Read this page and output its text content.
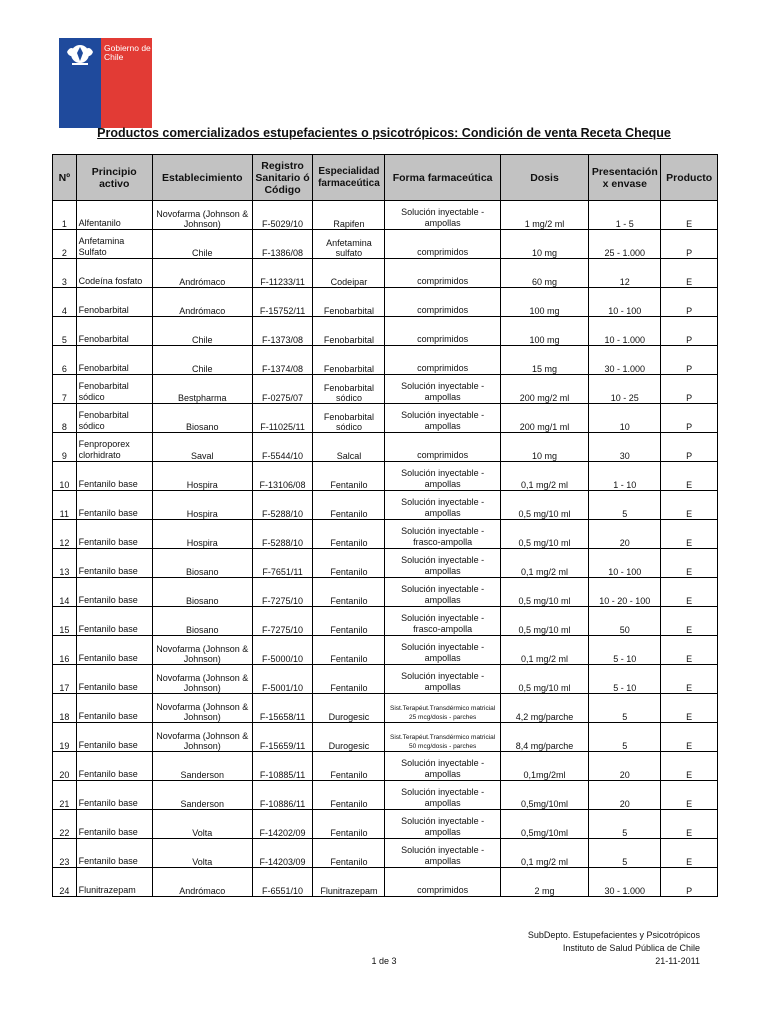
Gobierno de Chile
Productos comercializados estupefacientes o psicotrópicos: Condición de venta Receta Cheque
Nº	Principio activo	Establecimiento	Registro Sanitario ó Código	Especialidad farmaceútica	Forma farmaceútica	Dosis	Presentación x envase	Producto
1	Alfentanilo	Novofarma (Johnson & Johnson)	F-5029/10	Rapifen	Solución inyectable - ampollas	1 mg/2 ml	1 - 5	E
2	Anfetamina Sulfato	Chile	F-1386/08	Anfetamina sulfato	comprimidos	10 mg	25 - 1.000	P
3	Codeína fosfato	Andrómaco	F-11233/11	Codeipar	comprimidos	60 mg	12	E
4	Fenobarbital	Andrómaco	F-15752/11	Fenobarbital	comprimidos	100 mg	10 - 100	P
5	Fenobarbital	Chile	F-1373/08	Fenobarbital	comprimidos	100 mg	10 - 1.000	P
6	Fenobarbital	Chile	F-1374/08	Fenobarbital	comprimidos	15 mg	30 - 1.000	P
7	Fenobarbital sódico	Bestpharma	F-0275/07	Fenobarbital sódico	Solución inyectable - ampollas	200 mg/2 ml	10 - 25	P
8	Fenobarbital sódico	Biosano	F-11025/11	Fenobarbital sódico	Solución inyectable - ampollas	200 mg/1 ml	10	P
9	Fenproporex clorhidrato	Saval	F-5544/10	Salcal	comprimidos	10 mg	30	P
10	Fentanilo base	Hospira	F-13106/08	Fentanilo	Solución inyectable - ampollas	0,1 mg/2 ml	1 - 10	E
11	Fentanilo base	Hospira	F-5288/10	Fentanilo	Solución inyectable - ampollas	0,5 mg/10 ml	5	E
12	Fentanilo base	Hospira	F-5288/10	Fentanilo	Solución inyectable - frasco-ampolla	0,5 mg/10 ml	20	E
13	Fentanilo base	Biosano	F-7651/11	Fentanilo	Solución inyectable - ampollas	0,1 mg/2 ml	10 - 100	E
14	Fentanilo base	Biosano	F-7275/10	Fentanilo	Solución inyectable - ampollas	0,5 mg/10 ml	10 - 20 - 100	E
15	Fentanilo base	Biosano	F-7275/10	Fentanilo	Solución inyectable - frasco-ampolla	0,5 mg/10 ml	50	E
16	Fentanilo base	Novofarma (Johnson & Johnson)	F-5000/10	Fentanilo	Solución inyectable - ampollas	0,1 mg/2 ml	5 - 10	E
17	Fentanilo base	Novofarma (Johnson & Johnson)	F-5001/10	Fentanilo	Solución inyectable - ampollas	0,5 mg/10 ml	5 - 10	E
18	Fentanilo base	Novofarma (Johnson & Johnson)	F-15658/11	Durogesic	Sist.Terapéut.Transdérmico matricial 25 mcg/dosis - parches	4,2 mg/parche	5	E
19	Fentanilo base	Novofarma (Johnson & Johnson)	F-15659/11	Durogesic	Sist.Terapéut.Transdérmico matricial 50 mcg/dosis - parches	8,4 mg/parche	5	E
20	Fentanilo base	Sanderson	F-10885/11	Fentanilo	Solución inyectable - ampollas	0,1mg/2ml	20	E
21	Fentanilo base	Sanderson	F-10886/11	Fentanilo	Solución inyectable - ampollas	0,5mg/10ml	20	E
22	Fentanilo base	Volta	F-14202/09	Fentanilo	Solución inyectable - ampollas	0,5mg/10ml	5	E
23	Fentanilo base	Volta	F-14203/09	Fentanilo	Solución inyectable - ampollas	0,1 mg/2 ml	5	E
24	Flunitrazepam	Andrómaco	F-6551/10	Flunitrazepam	comprimidos	2 mg	30 - 1.000	P
SubDepto. Estupefacientes y Psicotrópicos
Instituto de Salud Pública de Chile
21-11-2011
1 de 3
